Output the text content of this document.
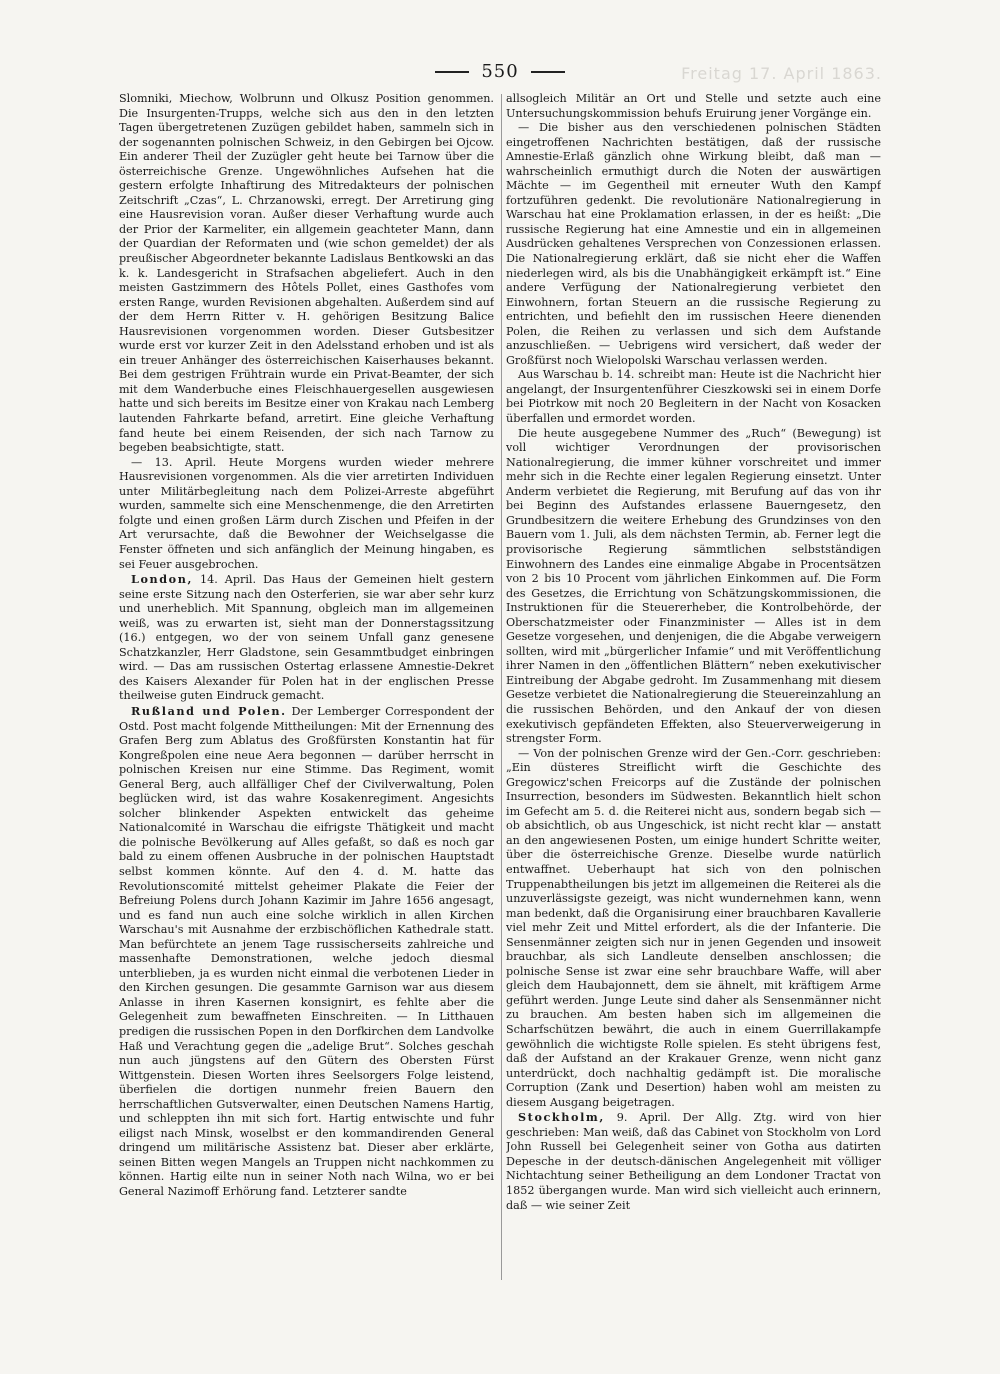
550	Freitag 17. April 1863.

Slomniki, Miechow, Wolbrunn und Olkusz Position genommen. Die Insurgenten-Trupps, welche sich aus den in den letzten Tagen übergetretenen Zuzügen gebildet haben, sammeln sich in der sogenannten polnischen Schweiz, in den Gebirgen bei Ojcow. Ein anderer Theil der Zuzügler geht heute bei Tarnow über die österreichische Grenze. Ungewöhnliches Aufsehen hat die gestern erfolgte Inhaftirung des Mitredakteurs der polnischen Zeitschrift „Czas“, L. Chrzanowski, erregt. Der Arretirung ging eine Hausrevision voran. Außer dieser Verhaftung wurde auch der Prior der Karmeliter, ein allgemein geachteter Mann, dann der Quardian der Reformaten und (wie schon gemeldet) der als preußischer Abgeordneter bekannte Ladislaus Bentkowski an das k. k. Landesgericht in Strafsachen abgeliefert. Auch in den meisten Gastzimmern des Hôtels Pollet, eines Gasthofes vom ersten Range, wurden Revisionen abgehalten. Außerdem sind auf der dem Herrn Ritter v. H. gehörigen Besitzung Balice Hausrevisionen vorgenommen worden. Dieser Gutsbesitzer wurde erst vor kurzer Zeit in den Adelsstand erhoben und ist als ein treuer Anhänger des österreichischen Kaiserhauses bekannt. Bei dem gestrigen Frühtrain wurde ein Privat-Beamter, der sich mit dem Wanderbuche eines Fleischhauergesellen ausgewiesen hatte und sich bereits im Besitze einer von Krakau nach Lemberg lautenden Fahrkarte befand, arretirt. Eine gleiche Verhaftung fand heute bei einem Reisenden, der sich nach Tarnow zu begeben beabsichtigte, statt.

— 13. April. Heute Morgens wurden wieder mehrere Hausrevisionen vorgenommen. Als die vier arretirten Individuen unter Militärbegleitung nach dem Polizei-Arreste abgeführt wurden, sammelte sich eine Menschenmenge, die den Arretirten folgte und einen großen Lärm durch Zischen und Pfeifen in der Art verursachte, daß die Bewohner der Weichselgasse die Fenster öffneten und sich anfänglich der Meinung hingaben, es sei Feuer ausgebrochen.

London, 14. April. Das Haus der Gemeinen hielt gestern seine erste Sitzung nach den Osterferien, sie war aber sehr kurz und unerheblich. Mit Spannung, obgleich man im allgemeinen weiß, was zu erwarten ist, sieht man der Donnerstagssitzung (16.) entgegen, wo der von seinem Unfall ganz genesene Schatzkanzler, Herr Gladstone, sein Gesammtbudget einbringen wird. — Das am russischen Ostertag erlassene Amnestie-Dekret des Kaisers Alexander für Polen hat in der englischen Presse theilweise guten Eindruck gemacht.

Rußland und Polen. Der Lemberger Correspondent der Ostd. Post macht folgende Mittheilungen: Mit der Ernennung des Grafen Berg zum Ablatus des Großfürsten Konstantin hat für Kongreßpolen eine neue Aera begonnen — darüber herrscht in polnischen Kreisen nur eine Stimme. Das Regiment, womit General Berg, auch allfälliger Chef der Civilverwaltung, Polen beglücken wird, ist das wahre Kosakenregiment. Angesichts solcher blinkender Aspekten entwickelt das geheime Nationalcomité in Warschau die eifrigste Thätigkeit und macht die polnische Bevölkerung auf Alles gefaßt, so daß es noch gar bald zu einem offenen Ausbruche in der polnischen Hauptstadt selbst kommen könnte. Auf den 4. d. M. hatte das Revolutionscomité mittelst geheimer Plakate die Feier der Befreiung Polens durch Johann Kazimir im Jahre 1656 angesagt, und es fand nun auch eine solche wirklich in allen Kirchen Warschau's mit Ausnahme der erzbischöflichen Kathedrale statt. Man befürchtete an jenem Tage russischerseits zahlreiche und massenhafte Demonstrationen, welche jedoch diesmal unterblieben, ja es wurden nicht einmal die verbotenen Lieder in den Kirchen gesungen. Die gesammte Garnison war aus diesem Anlasse in ihren Kasernen konsignirt, es fehlte aber die Gelegenheit zum bewaffneten Einschreiten. — In Litthauen predigen die russischen Popen in den Dorfkirchen dem Landvolke Haß und Verachtung gegen die „adelige Brut“. Solches geschah nun auch jüngstens auf den Gütern des Obersten Fürst Wittgenstein. Diesen Worten ihres Seelsorgers Folge leistend, überfielen die dortigen nunmehr freien Bauern den herrschaftlichen Gutsverwalter, einen Deutschen Namens Hartig, und schleppten ihn mit sich fort. Hartig entwischte und fuhr eiligst nach Minsk, woselbst er den kommandirenden General dringend um militärische Assistenz bat. Dieser aber erklärte, seinen Bitten wegen Mangels an Truppen nicht nachkommen zu können. Hartig eilte nun in seiner Noth nach Wilna, wo er bei General Nazimoff Erhörung fand. Letzterer sandte

allsogleich Militär an Ort und Stelle und setzte auch eine Untersuchungskommission behufs Eruirung jener Vorgänge ein.

— Die bisher aus den verschiedenen polnischen Städten eingetroffenen Nachrichten bestätigen, daß der russische Amnestie-Erlaß gänzlich ohne Wirkung bleibt, daß man — wahrscheinlich ermuthigt durch die Noten der auswärtigen Mächte — im Gegentheil mit erneuter Wuth den Kampf fortzuführen gedenkt. Die revolutionäre Nationalregierung in Warschau hat eine Proklamation erlassen, in der es heißt: „Die russische Regierung hat eine Amnestie und ein in allgemeinen Ausdrücken gehaltenes Versprechen von Conzessionen erlassen. Die Nationalregierung erklärt, daß sie nicht eher die Waffen niederlegen wird, als bis die Unabhängigkeit erkämpft ist.“ Eine andere Verfügung der Nationalregierung verbietet den Einwohnern, fortan Steuern an die russische Regierung zu entrichten, und befiehlt den im russischen Heere dienenden Polen, die Reihen zu verlassen und sich dem Aufstande anzuschließen. — Uebrigens wird versichert, daß weder der Großfürst noch Wielopolski Warschau verlassen werden.

Aus Warschau b. 14. schreibt man: Heute ist die Nachricht hier angelangt, der Insurgentenführer Cieszkowski sei in einem Dorfe bei Piotrkow mit noch 20 Begleitern in der Nacht von Kosacken überfallen und ermordet worden.

Die heute ausgegebene Nummer des „Ruch“ (Bewegung) ist voll wichtiger Verordnungen der provisorischen Nationalregierung, die immer kühner vorschreitet und immer mehr sich in die Rechte einer legalen Regierung einsetzt. Unter Anderm verbietet die Regierung, mit Berufung auf das von ihr bei Beginn des Aufstandes erlassene Bauerngesetz, den Grundbesitzern die weitere Erhebung des Grundzinses von den Bauern vom 1. Juli, als dem nächsten Termin, ab. Ferner legt die provisorische Regierung sämmtlichen selbstständigen Einwohnern des Landes eine einmalige Abgabe in Procentsätzen von 2 bis 10 Procent vom jährlichen Einkommen auf. Die Form des Gesetzes, die Errichtung von Schätzungskommissionen, die Instruktionen für die Steuererheber, die Kontrolbehörde, der Oberschatzmeister oder Finanzminister — Alles ist in dem Gesetze vorgesehen, und denjenigen, die die Abgabe verweigern sollten, wird mit „bürgerlicher Infamie“ und mit Veröffentlichung ihrer Namen in den „öffentlichen Blättern“ neben exekutivischer Eintreibung der Abgabe gedroht. Im Zusammenhang mit diesem Gesetze verbietet die Nationalregierung die Steuereinzahlung an die russischen Behörden, und den Ankauf der von diesen exekutivisch gepfändeten Effekten, also Steuerverweigerung in strengster Form.

— Von der polnischen Grenze wird der Gen.-Corr. geschrieben: „Ein düsteres Streiflicht wirft die Geschichte des Gregowicz'schen Freicorps auf die Zustände der polnischen Insurrection, besonders im Südwesten. Bekanntlich hielt schon im Gefecht am 5. d. die Reiterei nicht aus, sondern begab sich — ob absichtlich, ob aus Ungeschick, ist nicht recht klar — anstatt an den angewiesenen Posten, um einige hundert Schritte weiter, über die österreichische Grenze. Dieselbe wurde natürlich entwaffnet. Ueberhaupt hat sich von den polnischen Truppenabtheilungen bis jetzt im allgemeinen die Reiterei als die unzuverlässigste gezeigt, was nicht wundernehmen kann, wenn man bedenkt, daß die Organisirung einer brauchbaren Kavallerie viel mehr Zeit und Mittel erfordert, als die der Infanterie. Die Sensenmänner zeigten sich nur in jenen Gegenden und insoweit brauchbar, als sich Landleute denselben anschlossen; die polnische Sense ist zwar eine sehr brauchbare Waffe, will aber gleich dem Haubajonnett, dem sie ähnelt, mit kräftigem Arme geführt werden. Junge Leute sind daher als Sensenmänner nicht zu brauchen. Am besten haben sich im allgemeinen die Scharfschützen bewährt, die auch in einem Guerrillakampfe gewöhnlich die wichtigste Rolle spielen. Es steht übrigens fest, daß der Aufstand an der Krakauer Grenze, wenn nicht ganz unterdrückt, doch nachhaltig gedämpft ist. Die moralische Corruption (Zank und Desertion) haben wohl am meisten zu diesem Ausgang beigetragen.

Stockholm, 9. April. Der Allg. Ztg. wird von hier geschrieben: Man weiß, daß das Cabinet von Stockholm von Lord John Russell bei Gelegenheit seiner von Gotha aus datirten Depesche in der deutsch-dänischen Angelegenheit mit völliger Nichtachtung seiner Betheiligung an dem Londoner Tractat von 1852 übergangen wurde. Man wird sich vielleicht auch erinnern, daß — wie seiner Zeit
